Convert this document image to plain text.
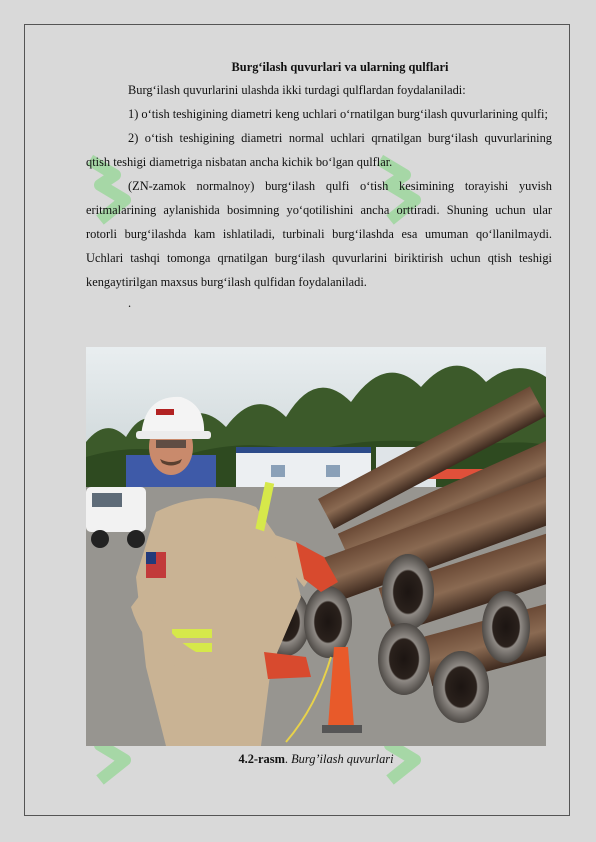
Burg‘ilash quvurlari va ularning qulflari

Burg‘ilash quvurlarini ulashda ikki turdagi qulflardan foydalaniladi:

1) o‘tish teshigining diametri keng uchlari o‘rnatilgan burg‘ilash quvurlarining qulfi;

2) o‘tish teshigining diametri normal uchlari qrnatilgan burg‘ilash quvurlarining qtish teshigi diametriga nisbatan ancha kichik bo‘lgan qulflar.

(ZN-zamok normalnoy) burg‘ilash qulfi o‘tish kesimining torayishi yuvish eritmalarining aylanishida bosimning yo‘qotilishini ancha orttiradi. Shuning uchun ular rotorli burg‘ilashda kam ishlatiladi, turbinali burg‘ilashda esa umuman qo‘llanilmaydi. Uchlari tashqi tomonga qrnatilgan burg‘ilash quvurlarini biriktirish uchun qtish teshigi kengaytirilgan maxsus burg‘ilash qulfidan foydalaniladi.

.

4.2-rasm. Burg’ilash quvurlari
